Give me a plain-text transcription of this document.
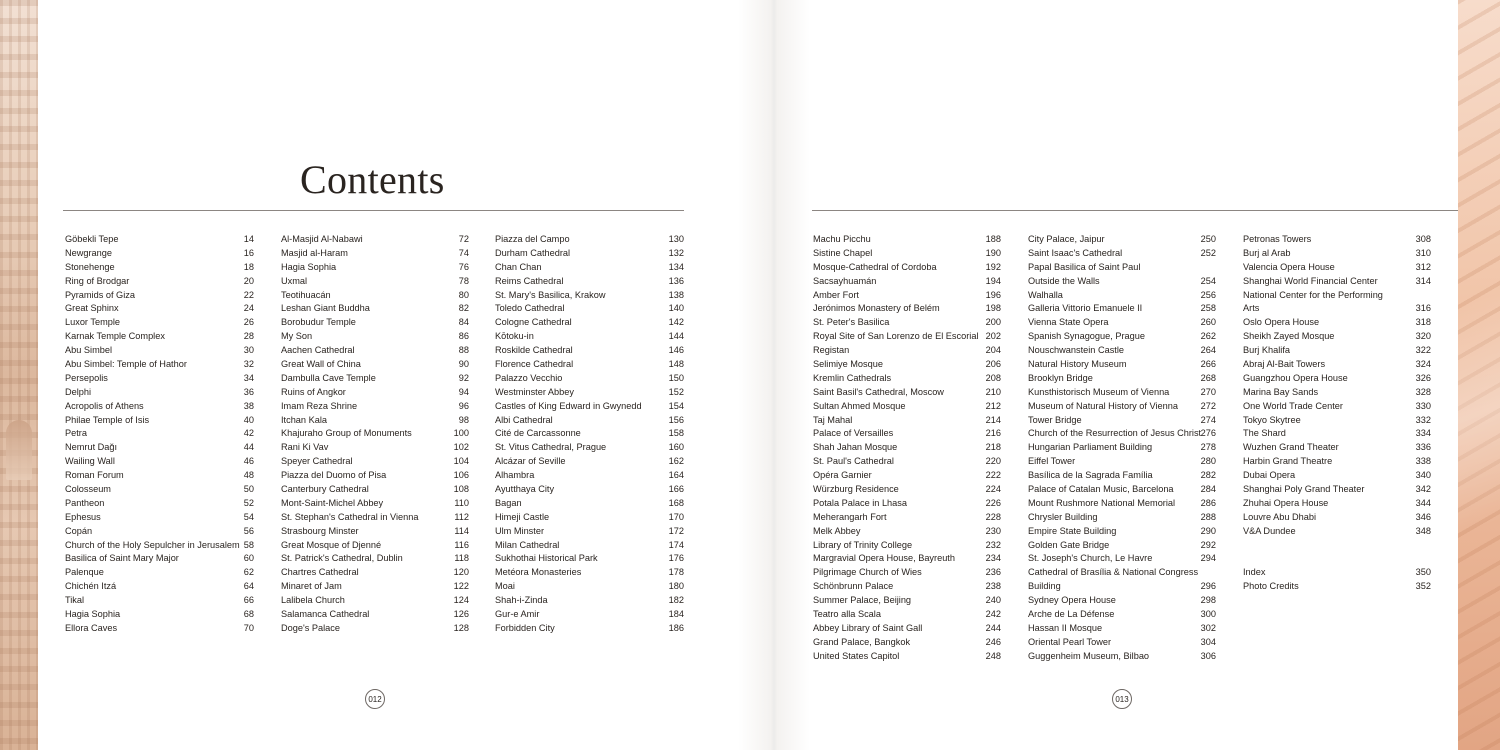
Contents
Göbekli Tepe	14
Newgrange	16
Stonehenge	18
Ring of Brodgar	20
Pyramids of Giza	22
Great Sphinx	24
Luxor Temple	26
Karnak Temple Complex	28
Abu Simbel	30
Abu Simbel: Temple of Hathor	32
Persepolis	34
Delphi	36
Acropolis of Athens	38
Philae Temple of Isis	40
Petra	42
Nemrut Dağı	44
Wailing Wall	46
Roman Forum	48
Colosseum	50
Pantheon	52
Ephesus	54
Copán	56
Church of the Holy Sepulcher in Jerusalem 58
Basilica of Saint Mary Major	60
Palenque	62
Chichén Itzá	64
Tikal	66
Hagia Sophia	68
Ellora Caves	70
Al-Masjid Al-Nabawi	72
Masjid al-Haram	74
Hagia Sophia	76
Uxmal	78
Teotihuacán	80
Leshan Giant Buddha	82
Borobudur Temple	84
My Son	86
Aachen Cathedral	88
Great Wall of China	90
Dambulla Cave Temple	92
Ruins of Angkor	94
Imam Reza Shrine	96
Itchan Kala	98
Khajuraho Group of Monuments	100
Rani Ki Vav	102
Speyer Cathedral	104
Piazza del Duomo of Pisa	106
Canterbury Cathedral	108
Mont-Saint-Michel Abbey	110
St. Stephan's Cathedral in Vienna	112
Strasbourg Minster	114
Great Mosque of Djenné	116
St. Patrick's Cathedral, Dublin	118
Chartres Cathedral	120
Minaret of Jam	122
Lalibela Church	124
Salamanca Cathedral	126
Doge's Palace	128
Piazza del Campo	130
Durham Cathedral	132
Chan Chan	134
Reims Cathedral	136
St. Mary's Basilica, Krakow	138
Toledo Cathedral	140
Cologne Cathedral	142
Kōtoku-in	144
Roskilde Cathedral	146
Florence Cathedral	148
Palazzo Vecchio	150
Westminster Abbey	152
Castles of King Edward in Gwynedd	154
Albi Cathedral	156
Cité de Carcassonne	158
St. Vitus Cathedral, Prague	160
Alcázar of Seville	162
Alhambra	164
Ayutthaya City	166
Bagan	168
Himeji Castle	170
Ulm Minster	172
Milan Cathedral	174
Sukhothai Historical Park	176
Metéora Monasteries	178
Moai	180
Shah-i-Zinda	182
Gur-e Amir	184
Forbidden City	186
Machu Picchu	188
Sistine Chapel	190
Mosque-Cathedral of Cordoba	192
Sacsayhuamán	194
Amber Fort	196
Jerónimos Monastery of Belém	198
St. Peter's Basilica	200
Royal Site of San Lorenzo de El Escorial 202
Registan	204
Selimiye Mosque	206
Kremlin Cathedrals	208
Saint Basil's Cathedral, Moscow	210
Sultan Ahmed Mosque	212
Taj Mahal	214
Palace of Versailles	216
Shah Jahan Mosque	218
St. Paul's Cathedral	220
Opéra Garnier	222
Würzburg Residence	224
Potala Palace in Lhasa	226
Meherangarh Fort	228
Melk Abbey	230
Library of Trinity College	232
Margravial Opera House, Bayreuth	234
Pilgrimage Church of Wies	236
Schönbrunn Palace	238
Summer Palace, Beijing	240
Teatro alla Scala	242
Abbey Library of Saint Gall	244
Grand Palace, Bangkok	246
United States Capitol	248
City Palace, Jaipur	250
Saint Isaac's Cathedral	252
Papal Basilica of Saint Paul
Outside the Walls	254
Walhalla	256
Galleria Vittorio Emanuele II	258
Vienna State Opera	260
Spanish Synagogue, Prague	262
Nouschwanstein Castle	264
Natural History Museum	266
Brooklyn Bridge	268
Kunsthistorisch Museum of Vienna	270
Museum of Natural History of Vienna 272
Tower Bridge	274
Church of the Resurrection of Jesus Christ 276
Hungarian Parliament Building	278
Eiffel Tower	280
Basílica de la Sagrada Família	282
Palace of Catalan Music, Barcelona	284
Mount Rushmore National Memorial	286
Chrysler Building	288
Empire State Building	290
Golden Gate Bridge	292
St. Joseph's Church, Le Havre	294
Cathedral of Brasília & National Congress
Building	296
Sydney Opera House	298
Arche de La Défense	300
Hassan II Mosque	302
Oriental Pearl Tower	304
Guggenheim Museum, Bilbao	306
Petronas Towers	308
Burj al Arab	310
Valencia Opera House	312
Shanghai World Financial Center	314
National Center for the Performing
Arts	316
Oslo Opera House	318
Sheikh Zayed Mosque	320
Burj Khalifa	322
Abraj Al-Bait Towers	324
Guangzhou Opera House	326
Marina Bay Sands	328
One World Trade Center	330
Tokyo Skytree	332
The Shard	334
Wuzhen Grand Theater	336
Harbin Grand Theatre	338
Dubai Opera	340
Shanghai Poly Grand Theater	342
Zhuhai Opera House	344
Louvre Abu Dhabi	346
V&A Dundee	348
Index	350
Photo Credits	352
012	013
